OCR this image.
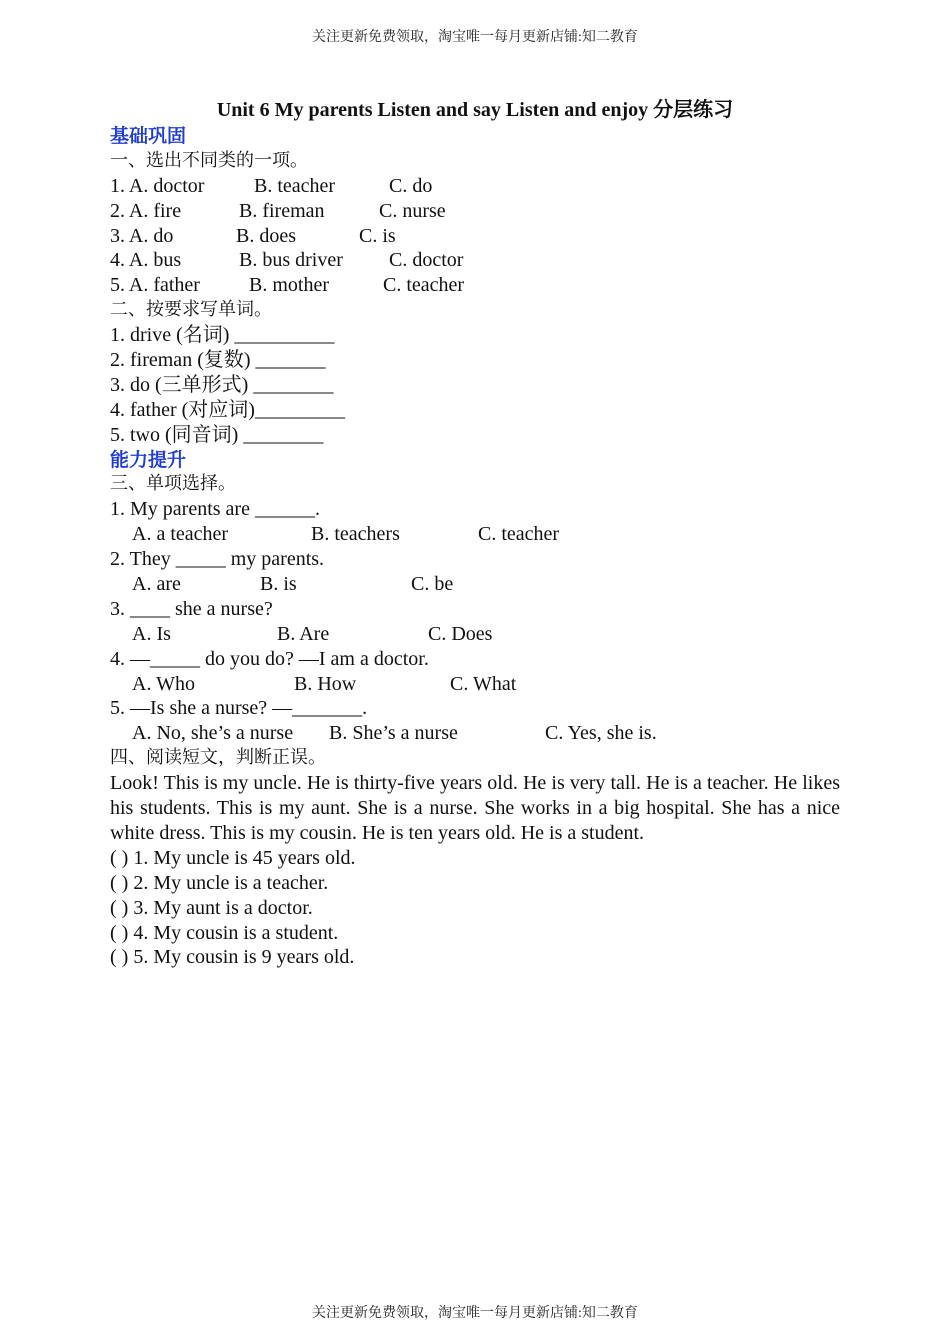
关注更新免费领取，淘宝唯一每月更新店铺:知二教育
Unit 6 My parents Listen and say Listen and enjoy 分层练习
基础巩固
一、选出不同类的一项。
1. A. doctor B. teacher	C. do
2. A. fire	B. fireman	C. nurse
3. A. do	B. does	C. is
4. A. bus	B. bus driver C. doctor
5. A. father B. mother	C. teacher
二、按要求写单词。
1. drive (名词) __________
2. fireman (复数) _______
3. do (三单形式) ________
4. father (对应词)_________
5. two (同音词) ________
能力提升
三、单项选择。
1. My parents are ______.
A. a teacher	B. teachers	C. teacher
2. They _____ my parents.
A. are	B. is	C. be
3. ____ she a nurse?
A. Is	B. Are	C. Does
4. —_____ do you do? —I am a doctor.
A. Who	B. How	C. What
5. —Is she a nurse? —_______.
A. No, she’s a nurse B. She’s a nurse	C. Yes, she is.
四、阅读短文，判断正误。
Look! This is my uncle. He is thirty-five years old. He is very tall. He is a teacher. He likes his students. This is my aunt. She is a nurse. She works in a big hospital. She has a nice white dress. This is my cousin. He is ten years old. He is a student.
( ) 1. My uncle is 45 years old.
( ) 2. My uncle is a teacher.
( ) 3. My aunt is a doctor.
( ) 4. My cousin is a student.
( ) 5. My cousin is 9 years old.
关注更新免费领取，淘宝唯一每月更新店铺:知二教育
